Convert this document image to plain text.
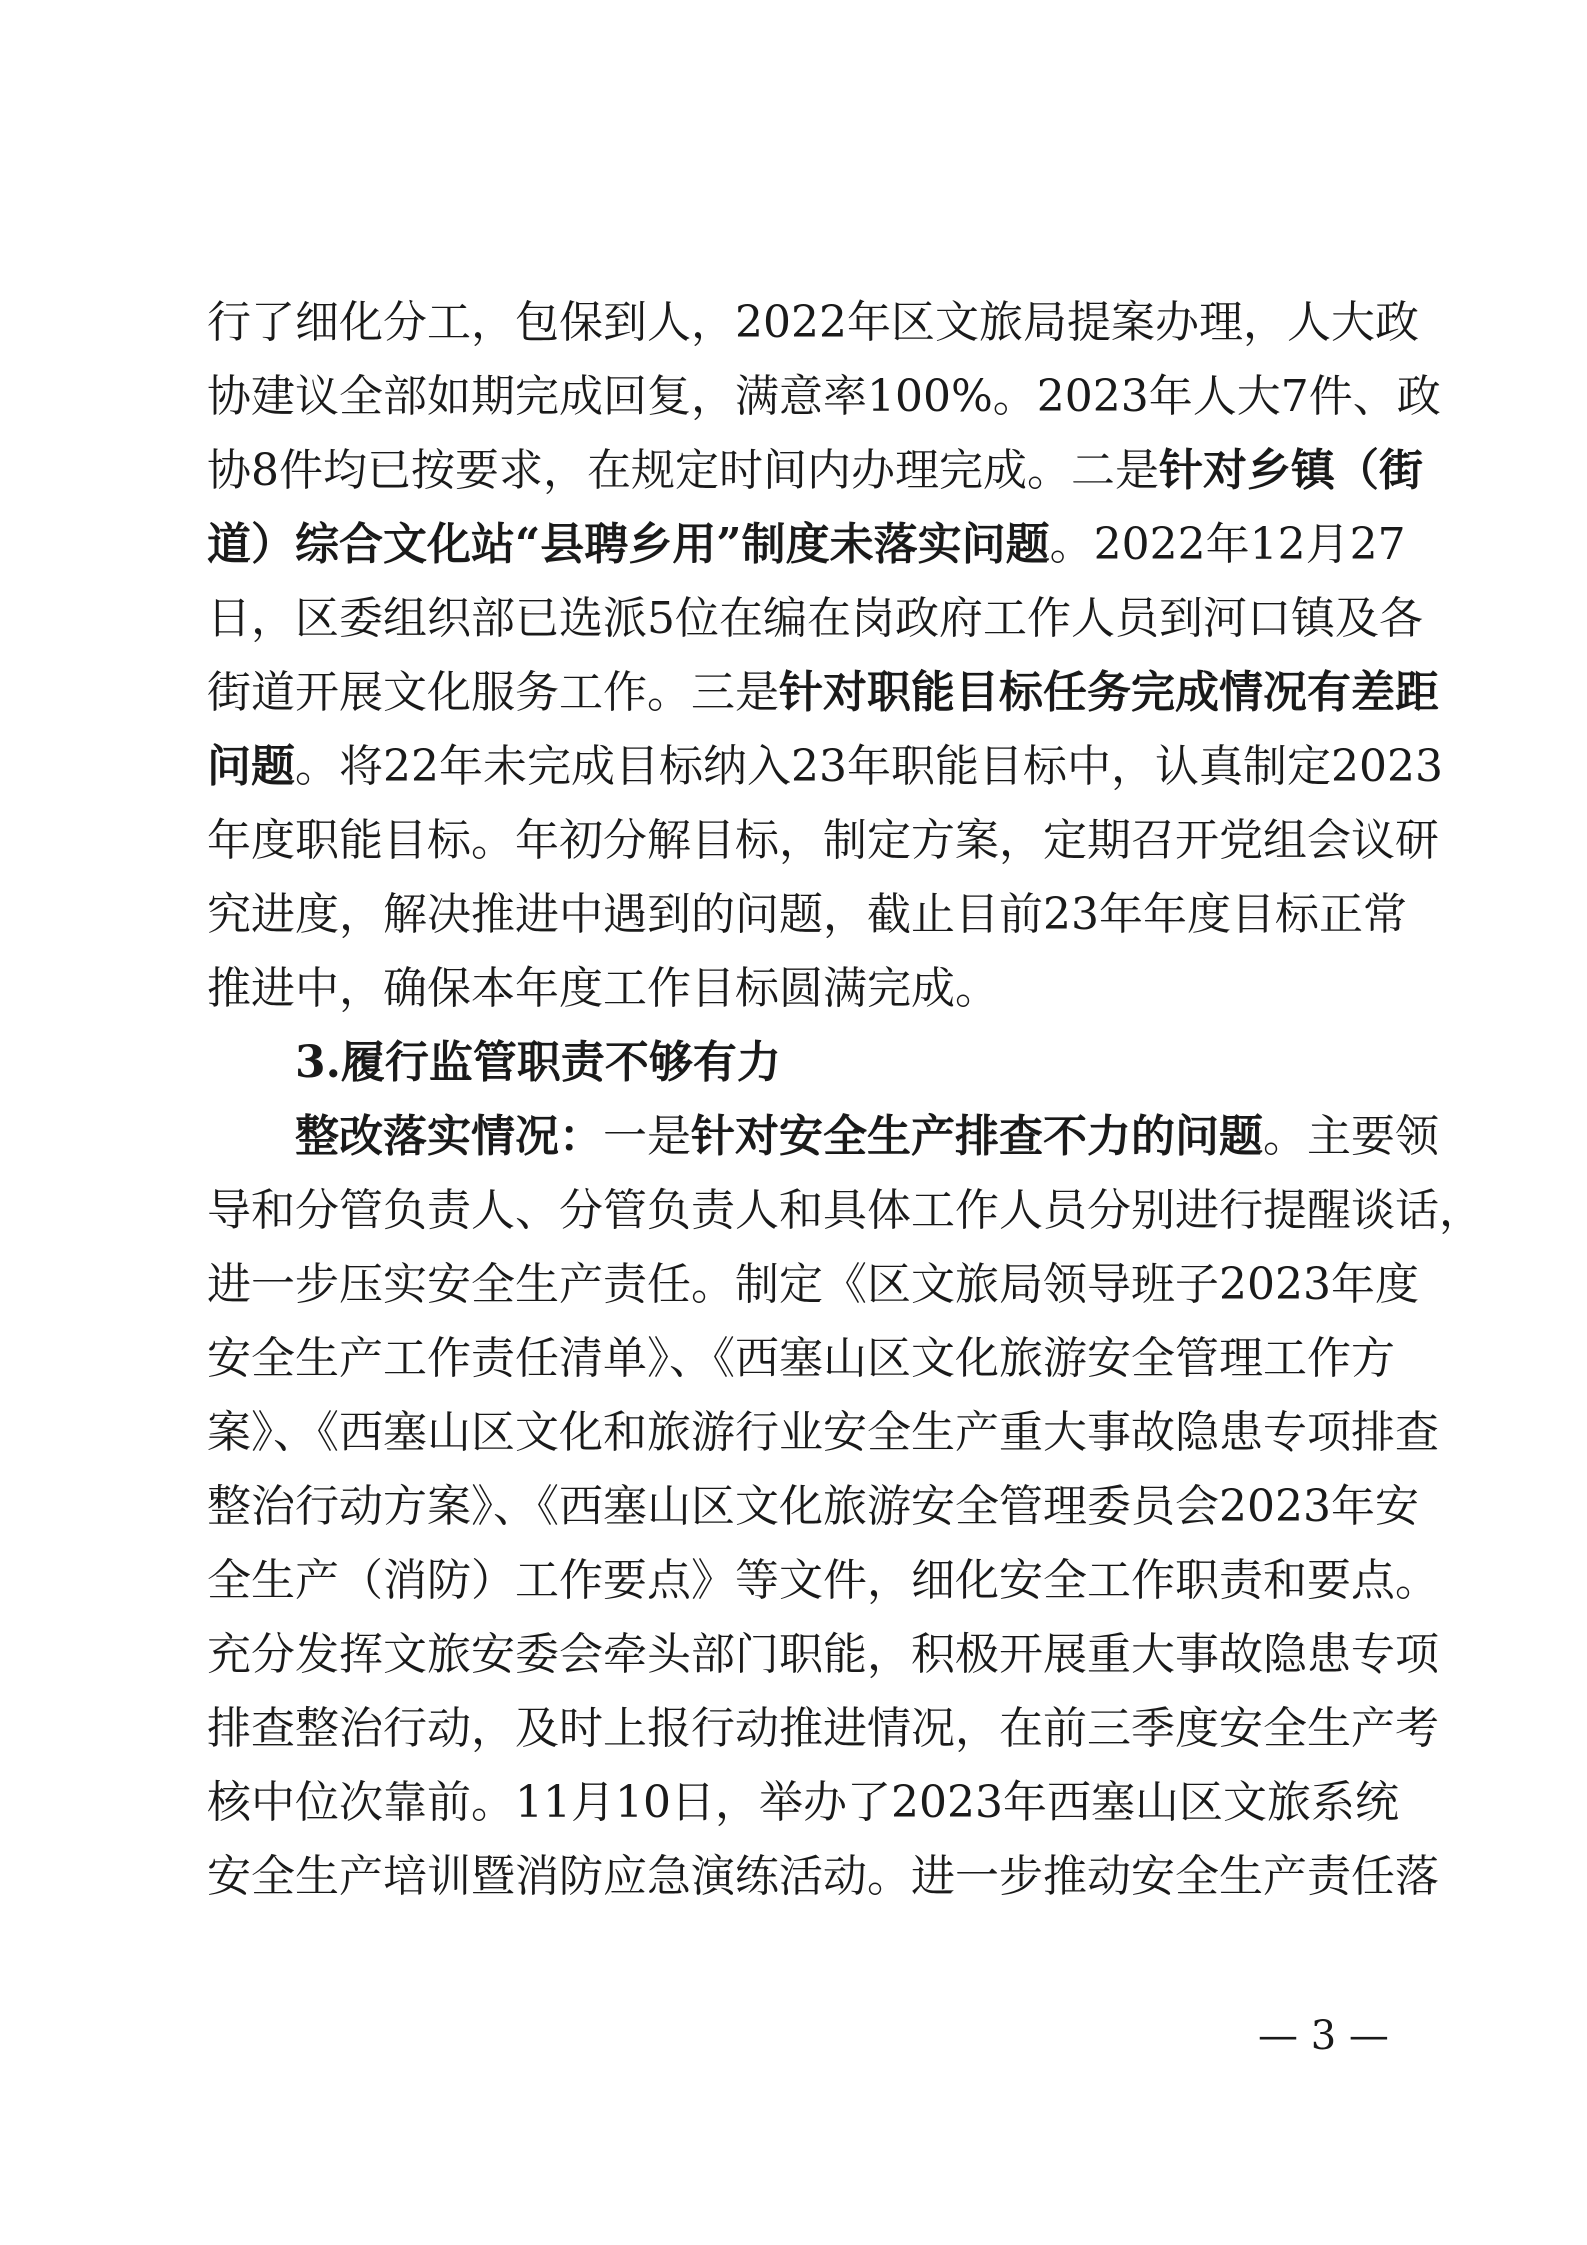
行了细化分工，包保到人，2022年区文旅局提案办理，人大政
协建议全部如期完成回复，满意率100%。2023年人大7件、政
协8件均已按要求，在规定时间内办理完成。二是针对乡镇（街
道）综合文化站“县聘乡用”制度未落实问题。2022年12月27
日，区委组织部已选派5位在编在岗政府工作人员到河口镇及各
街道开展文化服务工作。三是针对职能目标任务完成情况有差距
问题。将22年未完成目标纳入23年职能目标中，认真制定2023
年度职能目标。年初分解目标，制定方案，定期召开党组会议研
究进度，解决推进中遇到的问题，截止目前23年年度目标正常
推进中，确保本年度工作目标圆满完成。
3.履行监管职责不够有力
整改落实情况：一是针对安全生产排查不力的问题。主要领
导和分管负责人、分管负责人和具体工作人员分别进行提醒谈话，
进一步压实安全生产责任。制定《区文旅局领导班子2023年度
安全生产工作责任清单》、《西塞山区文化旅游安全管理工作方
案》、《西塞山区文化和旅游行业安全生产重大事故隐患专项排查
整治行动方案》、《西塞山区文化旅游安全管理委员会2023年安
全生产（消防）工作要点》等文件，细化安全工作职责和要点。
充分发挥文旅安委会牵头部门职能，积极开展重大事故隐患专项
排查整治行动，及时上报行动推进情况，在前三季度安全生产考
核中位次靠前。11月10日，举办了2023年西塞山区文旅系统
安全生产培训暨消防应急演练活动。进一步推动安全生产责任落
— 3 —
